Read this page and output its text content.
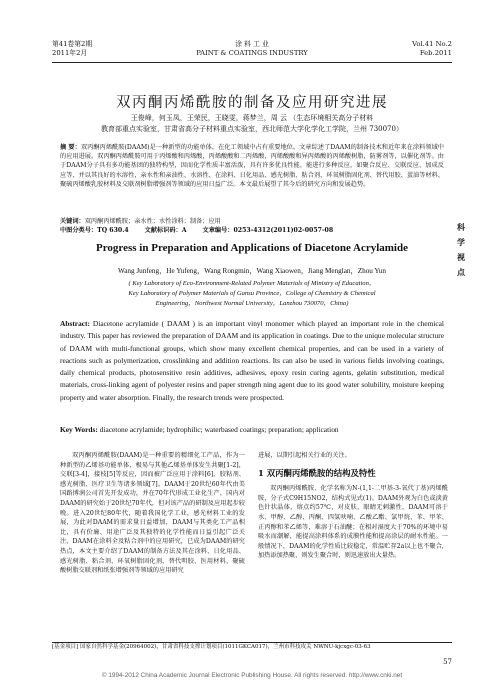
第41卷第2期
2011年2月
涂 料 工 业
PAINT & COATINGS INDUSTRY
Vol.41 No.2
Feb.2011
双丙酮丙烯酰胺的制备及应用研究进展
王俊峰，何玉凤，王荣民，王晓雯，蒋梦兰，周 云 （生态环境相关高分子材料
教育部重点实验室，甘肃省高分子材料重点实验室，西北师范大学化学化工学院，兰州 730070）
摘 要：双丙酮丙烯酰胺(DAAM)是一种新型的功能单体，在化工领域中占有重要地位。文章综述了DAAM的制备技术和近年来在涂料领域中的应用进展。双丙酮丙烯酰胺可用于丙烯酸和丙烯酸，丙烯酸酸和二丙烯酸，丙烯酸酸和异丙烯酸的丙烯酸树脂，防雾剂等，以催化剂等。由于DAAM分子具有多功能基团的独特构型，因而化学性质丰富活泼，具有许多优良性能，能进行多种反应，如聚合反应、交联反应、加成反应等，并以其良好的水溶性，亲水性和亲油性、水溶性、在涂料、日化用品、感光树脂、粘合剂、环氧树脂固化剂、替代用胶、蛋油等材料、聚硫丙烯酸乳胶材料及交联剂树脂增强剂等领域的应用日益广泛。本文最后展望了其今后的研究方向和发展趋势。
关键词：双丙酮丙烯酰胺；亲水性；水性涂料；制备；应用
中图分类号：TQ 630.4	文献标识码：A	文章编号：0253-4312(2011)02-0057-08
Progress in Preparation and Applications of Diacetone Acrylamide
Wang Junfeng，He Yufeng，Wang Rongmin，Wang Xiaowen，Jiang Menglan，Zhou Yun
( Key Laboratory of Eco-Environment-Related Polymer Materials of Ministry of Education，
Key Laboratory of Polymer Materials of Gansu Province，College of Chemistry & Chemical
Engineering，Northwest Normal University，Lanzhou 730070，China)
科学视点
Abstract: Diacetone acrylamide ( DAAM ) is an important vinyl monomer which played an important role in the chemical industry. This paper has reviewed the preparation of DAAM and its application in coatings. Due to the unique molecular structure of DAAM with multi-functional groups, which show many excellent chemical properties, and can be used in a variety of reactions such as polymerization, crosslinking and addition reactions. Its can also be used in various fields involving coatings, daily chemical products, photosensitive resin additives, adhesives, epoxy resin curing agents, gelatin substitution, medical materials, cross-linking agent of polyester resins and paper strength ning agent due to its good water solubility, moisture keeping property and water absorption. Finally, the research trends were prospected.
Key Words: diacetone acrylamide; hydrophilic; waterbased coatings; preparation; application
双丙酮丙烯酰胺(DAAM)是一种重要的精细化工产品，作为一种新型的乙烯基功能单体，极易与其他乙烯基单体发生共聚[1-2]，交联[3-4]，接枝[5]等反应，因而被广泛应用于涂料[6]、胶粘剂、感光树脂、医疗卫生等诸多领域[7]。DAAM于20世纪60年代由美国路博润公司首先开发成功，并在70年代形成工业化生产，国内对DAAM的研究始于20世纪70年代，但对该产品的研制及应用起步较晚。进入20世纪80年代，随着我国化学工业，感光材料工业的发展，为此对DAAM的需求量日益增加，DAAM与其类化工产品相比，具有价廉、用途广泛及其独特的化学性能而日益引起广泛关注，DAAM在涂料全及粘合剂中的应用研究，已成为DAAM的研究热点，本文主要介绍了DAAM的制备方法及其在涂料、日化用品、感光树脂、粘合剂、环氧树脂固化剂、替代明胶、医用材料、聚硫酸树脂交联剂和纸张增强剂等领域的应用研究
进展，以期引起相关行业的关注。
1 双丙酮丙烯酰胺的结构及特性
双丙酮丙烯酰胺，化学名称为N-(1,1-二甲基-3-氧代丁基)丙烯酰胺，分子式C9H15NO2，结构式见式(1)。DAAM外观为白色或淡黄色针状晶体，熔点约57℃，对皮肤、眼睛无刺激性，DAAM可溶于水、甲醇、乙醇、丙酮、四氢呋喃、乙酸乙酯、氯甲烷、苯、甲苯、正丙醇和苯乙烯等，难溶于石油醚；在相对湿度大于70%的环境中易吸水而潮解，能提高涂料体系的成膜性能和提高涂层的耐水性能。一般情况下，DAAM的化学性质比较稳定，常温贮存2a以上也不聚合，加热添加热聚、则发生聚合时，则迅速放出大量热。
[基金项目] 国家自然科学基金(20964002)，甘肃省科技支撑计划项目(1011GKCA017)，兰州市科技攻关 NWNU-kjcxgc-03-63
57
© 1994-2012 China Academic Journal Electronic Publishing House. All rights reserved. http://www.cnki.net
